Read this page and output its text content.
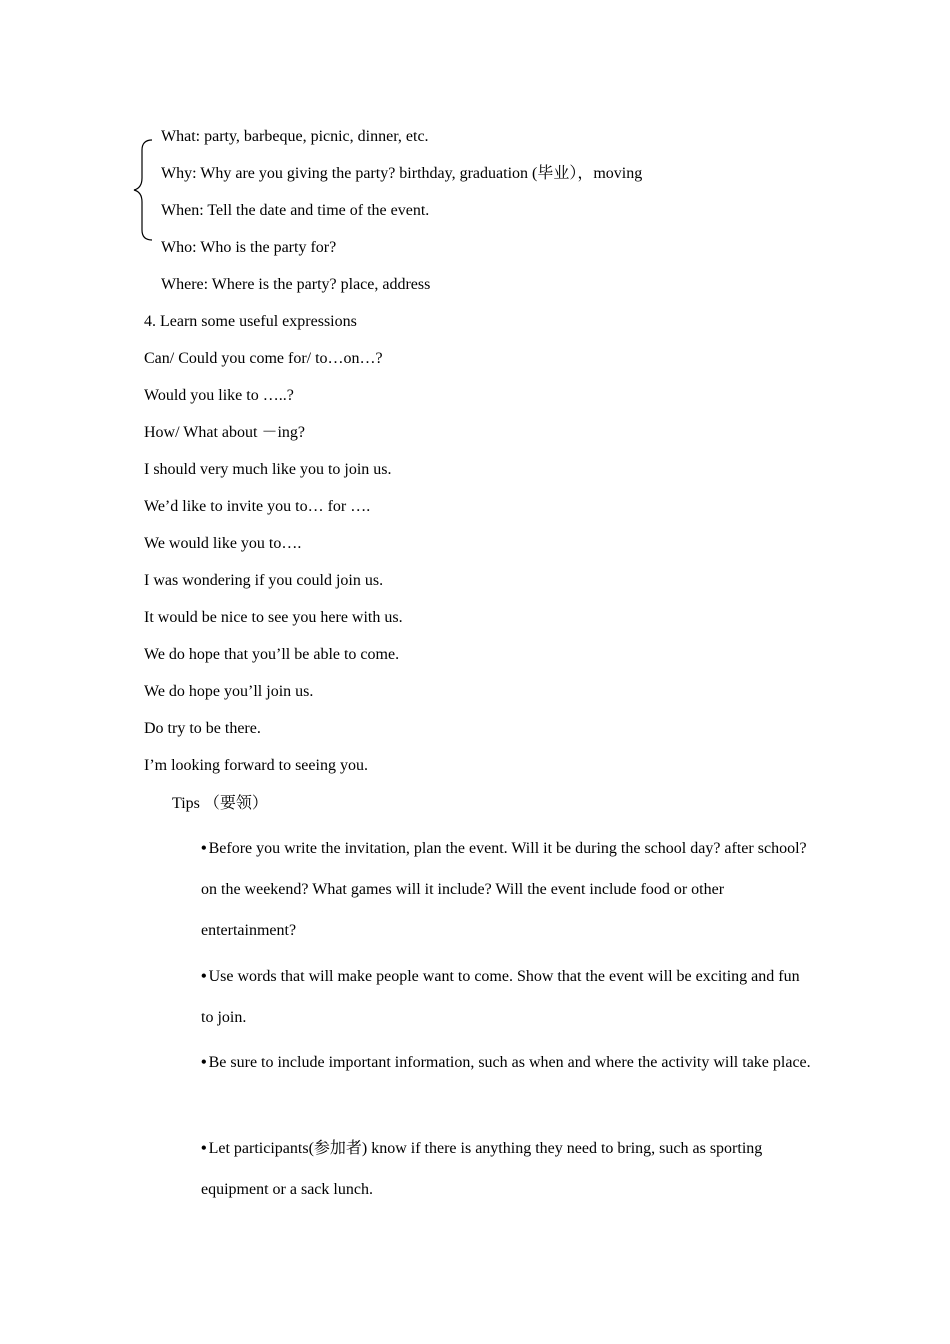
What: party, barbeque, picnic, dinner, etc.
Why: Why are you giving the party? birthday, graduation (毕业），moving
When: Tell the date and time of the event.
Who: Who is the party for?
Where: Where is the party? place, address
4. Learn some useful expressions
Can/ Could you come for/ to…on…?
Would you like to …..?
How/ What about －ing?
I should very much like you to join us.
We’d like to invite you to… for ….
We would like you to….
I was wondering if you could join us.
It would be nice to see you here with us.
We do hope that you’ll be able to come.
We do hope you’ll join us.
Do try to be there.
I’m looking forward to seeing you.
Tips （要领）
• Before you write the invitation, plan the event. Will it be during the school day? after school? on the weekend? What games will it include? Will the event include food or other entertainment?
• Use words that will make people want to come. Show that the event will be exciting and fun to join.
• Be sure to include important information, such as when and where the activity will take place.
• Let participants(参加者) know if there is anything they need to bring, such as sporting equipment or a sack lunch.
